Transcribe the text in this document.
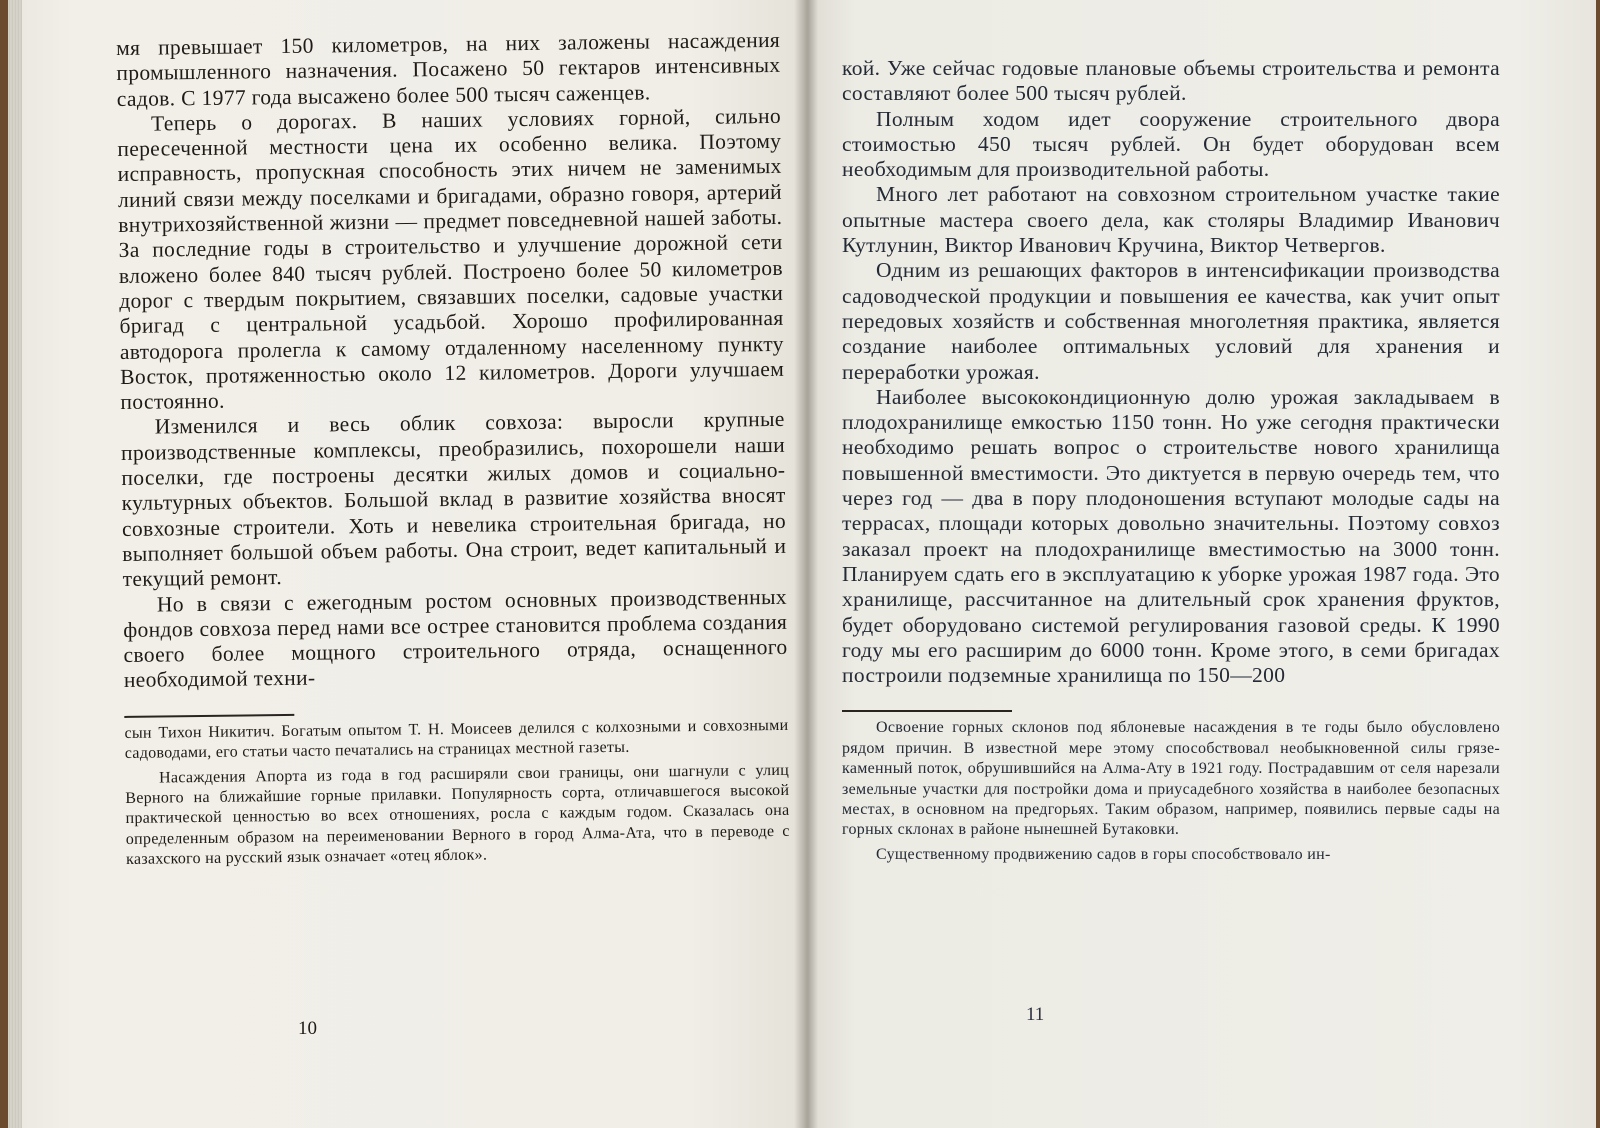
мя превышает 150 километров, на них заложены насаждения промышленного назначения. Посажено 50 гектаров интенсивных садов. С 1977 года высажено более 500 тысяч саженцев.

Теперь о дорогах. В наших условиях горной, сильно пересеченной местности цена их особенно велика. Поэтому исправность, пропускная способность этих ничем не заменимых линий связи между поселками и бригадами, образно говоря, артерий внутрихозяйственной жизни — предмет повседневной нашей заботы. За последние годы в строительство и улучшение дорожной сети вложено более 840 тысяч рублей. Построено более 50 километров дорог с твердым покрытием, связавших поселки, садовые участки бригад с центральной усадьбой. Хорошо профилированная автодорога пролегла к самому отдаленному населенному пункту Восток, протяженностью около 12 километров. Дороги улучшаем постоянно.

Изменился и весь облик совхоза: выросли крупные производственные комплексы, преобразились, похорошели наши поселки, где построены десятки жилых домов и социально-культурных объектов. Большой вклад в развитие хозяйства вносят совхозные строители. Хоть и невелика строительная бригада, но выполняет большой объем работы. Она строит, ведет капитальный и текущий ремонт.

Но в связи с ежегодным ростом основных производственных фондов совхоза перед нами все острее становится проблема создания своего более мощного строительного отряда, оснащенного необходимой техни-

сын Тихон Никитич. Богатым опытом Т. Н. Моисеев делился с колхозными и совхозными садоводами, его статьи часто печатались на страницах местной газеты.

Насаждения Апорта из года в год расширяли свои границы, они шагнули с улиц Верного на ближайшие горные прилавки. Популярность сорта, отличавшегося высокой практической ценностью во всех отношениях, росла с каждым годом. Сказалась она определенным образом на переименовании Верного в город Алма-Ата, что в переводе с казахского на русский язык означает «отец яблок».

10

кой. Уже сейчас годовые плановые объемы строительства и ремонта составляют более 500 тысяч рублей.

Полным ходом идет сооружение строительного двора стоимостью 450 тысяч рублей. Он будет оборудован всем необходимым для производительной работы.

Много лет работают на совхозном строительном участке такие опытные мастера своего дела, как столяры Владимир Иванович Кутлунин, Виктор Иванович Кручина, Виктор Четвергов.

Одним из решающих факторов в интенсификации производства садоводческой продукции и повышения ее качества, как учит опыт передовых хозяйств и собственная многолетняя практика, является создание наиболее оптимальных условий для хранения и переработки урожая.

Наиболее высококондиционную долю урожая закладываем в плодохранилище емкостью 1150 тонн. Но уже сегодня практически необходимо решать вопрос о строительстве нового хранилища повышенной вместимости. Это диктуется в первую очередь тем, что через год — два в пору плодоношения вступают молодые сады на террасах, площади которых довольно значительны. Поэтому совхоз заказал проект на плодохранилище вместимостью на 3000 тонн. Планируем сдать его в эксплуатацию к уборке урожая 1987 года. Это хранилище, рассчитанное на длительный срок хранения фруктов, будет оборудовано системой регулирования газовой среды. К 1990 году мы его расширим до 6000 тонн. Кроме этого, в семи бригадах построили подземные хранилища по 150—200

Освоение горных склонов под яблоневые насаждения в те годы было обусловлено рядом причин. В известной мере этому способствовал необыкновенной силы грязе-каменный поток, обрушившийся на Алма-Ату в 1921 году. Пострадавшим от селя нарезали земельные участки для постройки дома и приусадебного хозяйства в наиболее безопасных местах, в основном на предгорьях. Таким образом, например, появились первые сады на горных склонах в районе нынешней Бутаковки.

Существенному продвижению садов в горы способствовало ин-

11
